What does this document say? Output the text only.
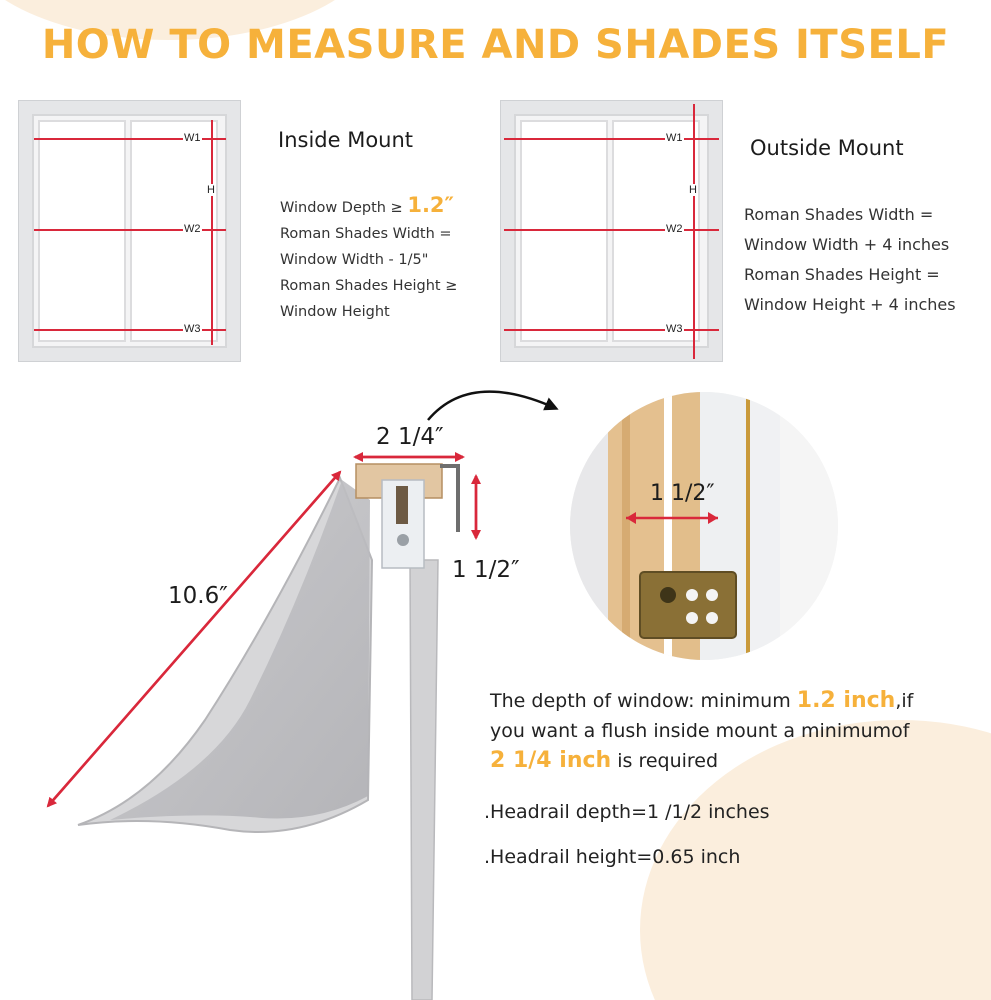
HOW TO MEASURE AND SHADES ITSELF
W1
W2
W3
H
Inside Mount
Window Depth ≥ 1.2″
Roman Shades Width =
Window Width - 1/5"
Roman Shades Height ≥
Window Height
W1
W2
W3
H
Outside Mount
Roman Shades Width =
Window Width + 4 inches
Roman Shades Height =
Window Height + 4 inches
2 1/4″
1 1/2″
10.6″
1 1/2″
The depth of window: minimum 1.2 inch,if
you want a flush inside mount a minimumof
2 1/4 inch is required
.Headrail depth=1 /1/2 inches
.Headrail height=0.65 inch
